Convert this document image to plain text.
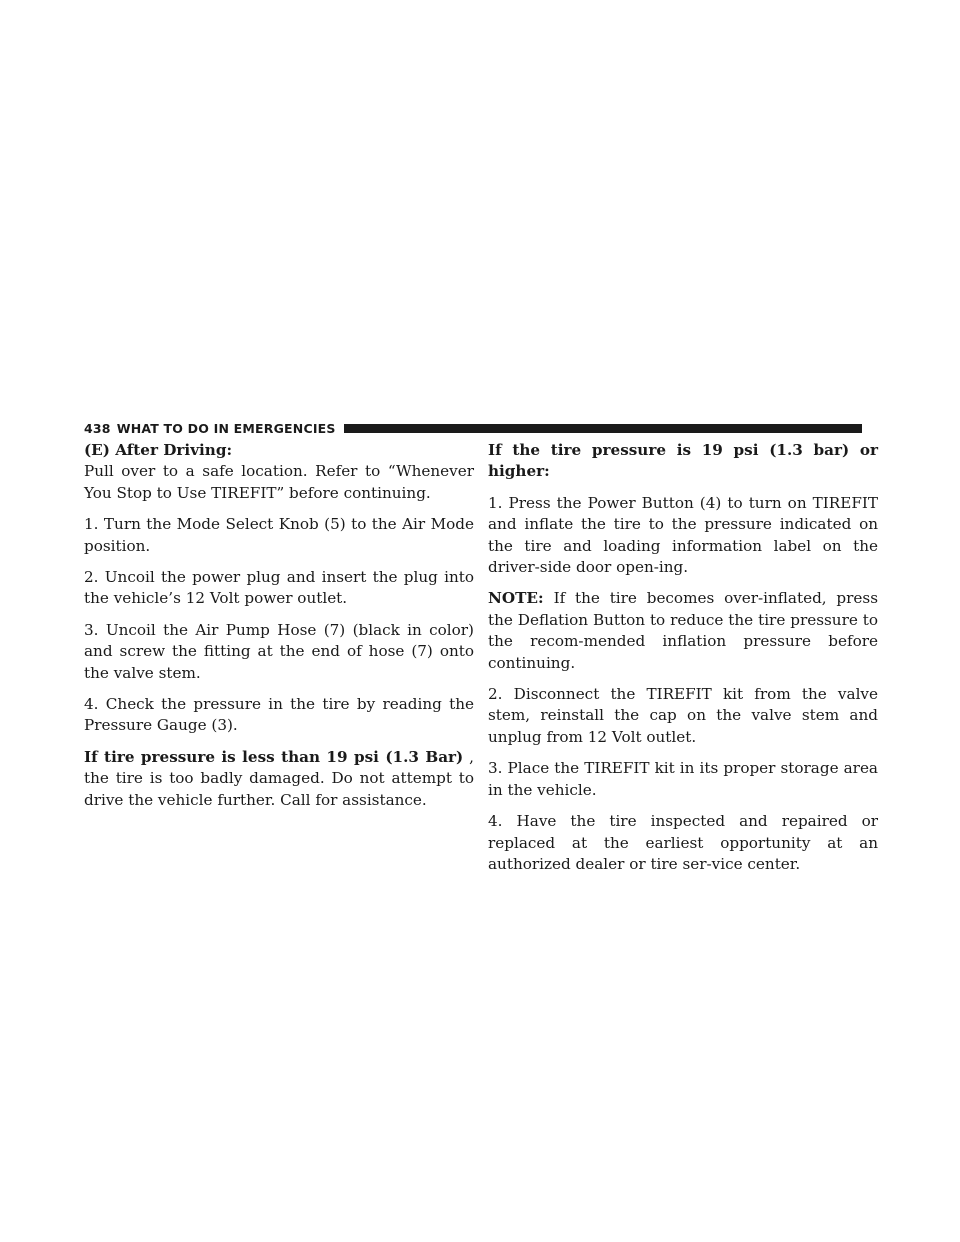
438 WHAT TO DO IN EMERGENCIES

(E) After Driving:

Pull over to a safe location. Refer to “Whenever You Stop to Use TIREFIT” before continuing.

1. Turn the Mode Select Knob (5) to the Air Mode position.

2. Uncoil the power plug and insert the plug into the vehicle’s 12 Volt power outlet.

3. Uncoil the Air Pump Hose (7) (black in color) and screw the fitting at the end of hose (7) onto the valve stem.

4. Check the pressure in the tire by reading the Pressure Gauge (3).

If tire pressure is less than 19 psi (1.3 Bar) , the tire is too badly damaged. Do not attempt to drive the vehicle further. Call for assistance.

If the tire pressure is 19 psi (1.3 bar) or higher:

1. Press the Power Button (4) to turn on TIREFIT and inflate the tire to the pressure indicated on the tire and loading information label on the driver-side door open-ing.

NOTE: If the tire becomes over-inflated, press the Deflation Button to reduce the tire pressure to the recom-mended inflation pressure before continuing.

2. Disconnect the TIREFIT kit from the valve stem, reinstall the cap on the valve stem and unplug from 12 Volt outlet.

3. Place the TIREFIT kit in its proper storage area in the vehicle.

4. Have the tire inspected and repaired or replaced at the earliest opportunity at an authorized dealer or tire ser-vice center.
